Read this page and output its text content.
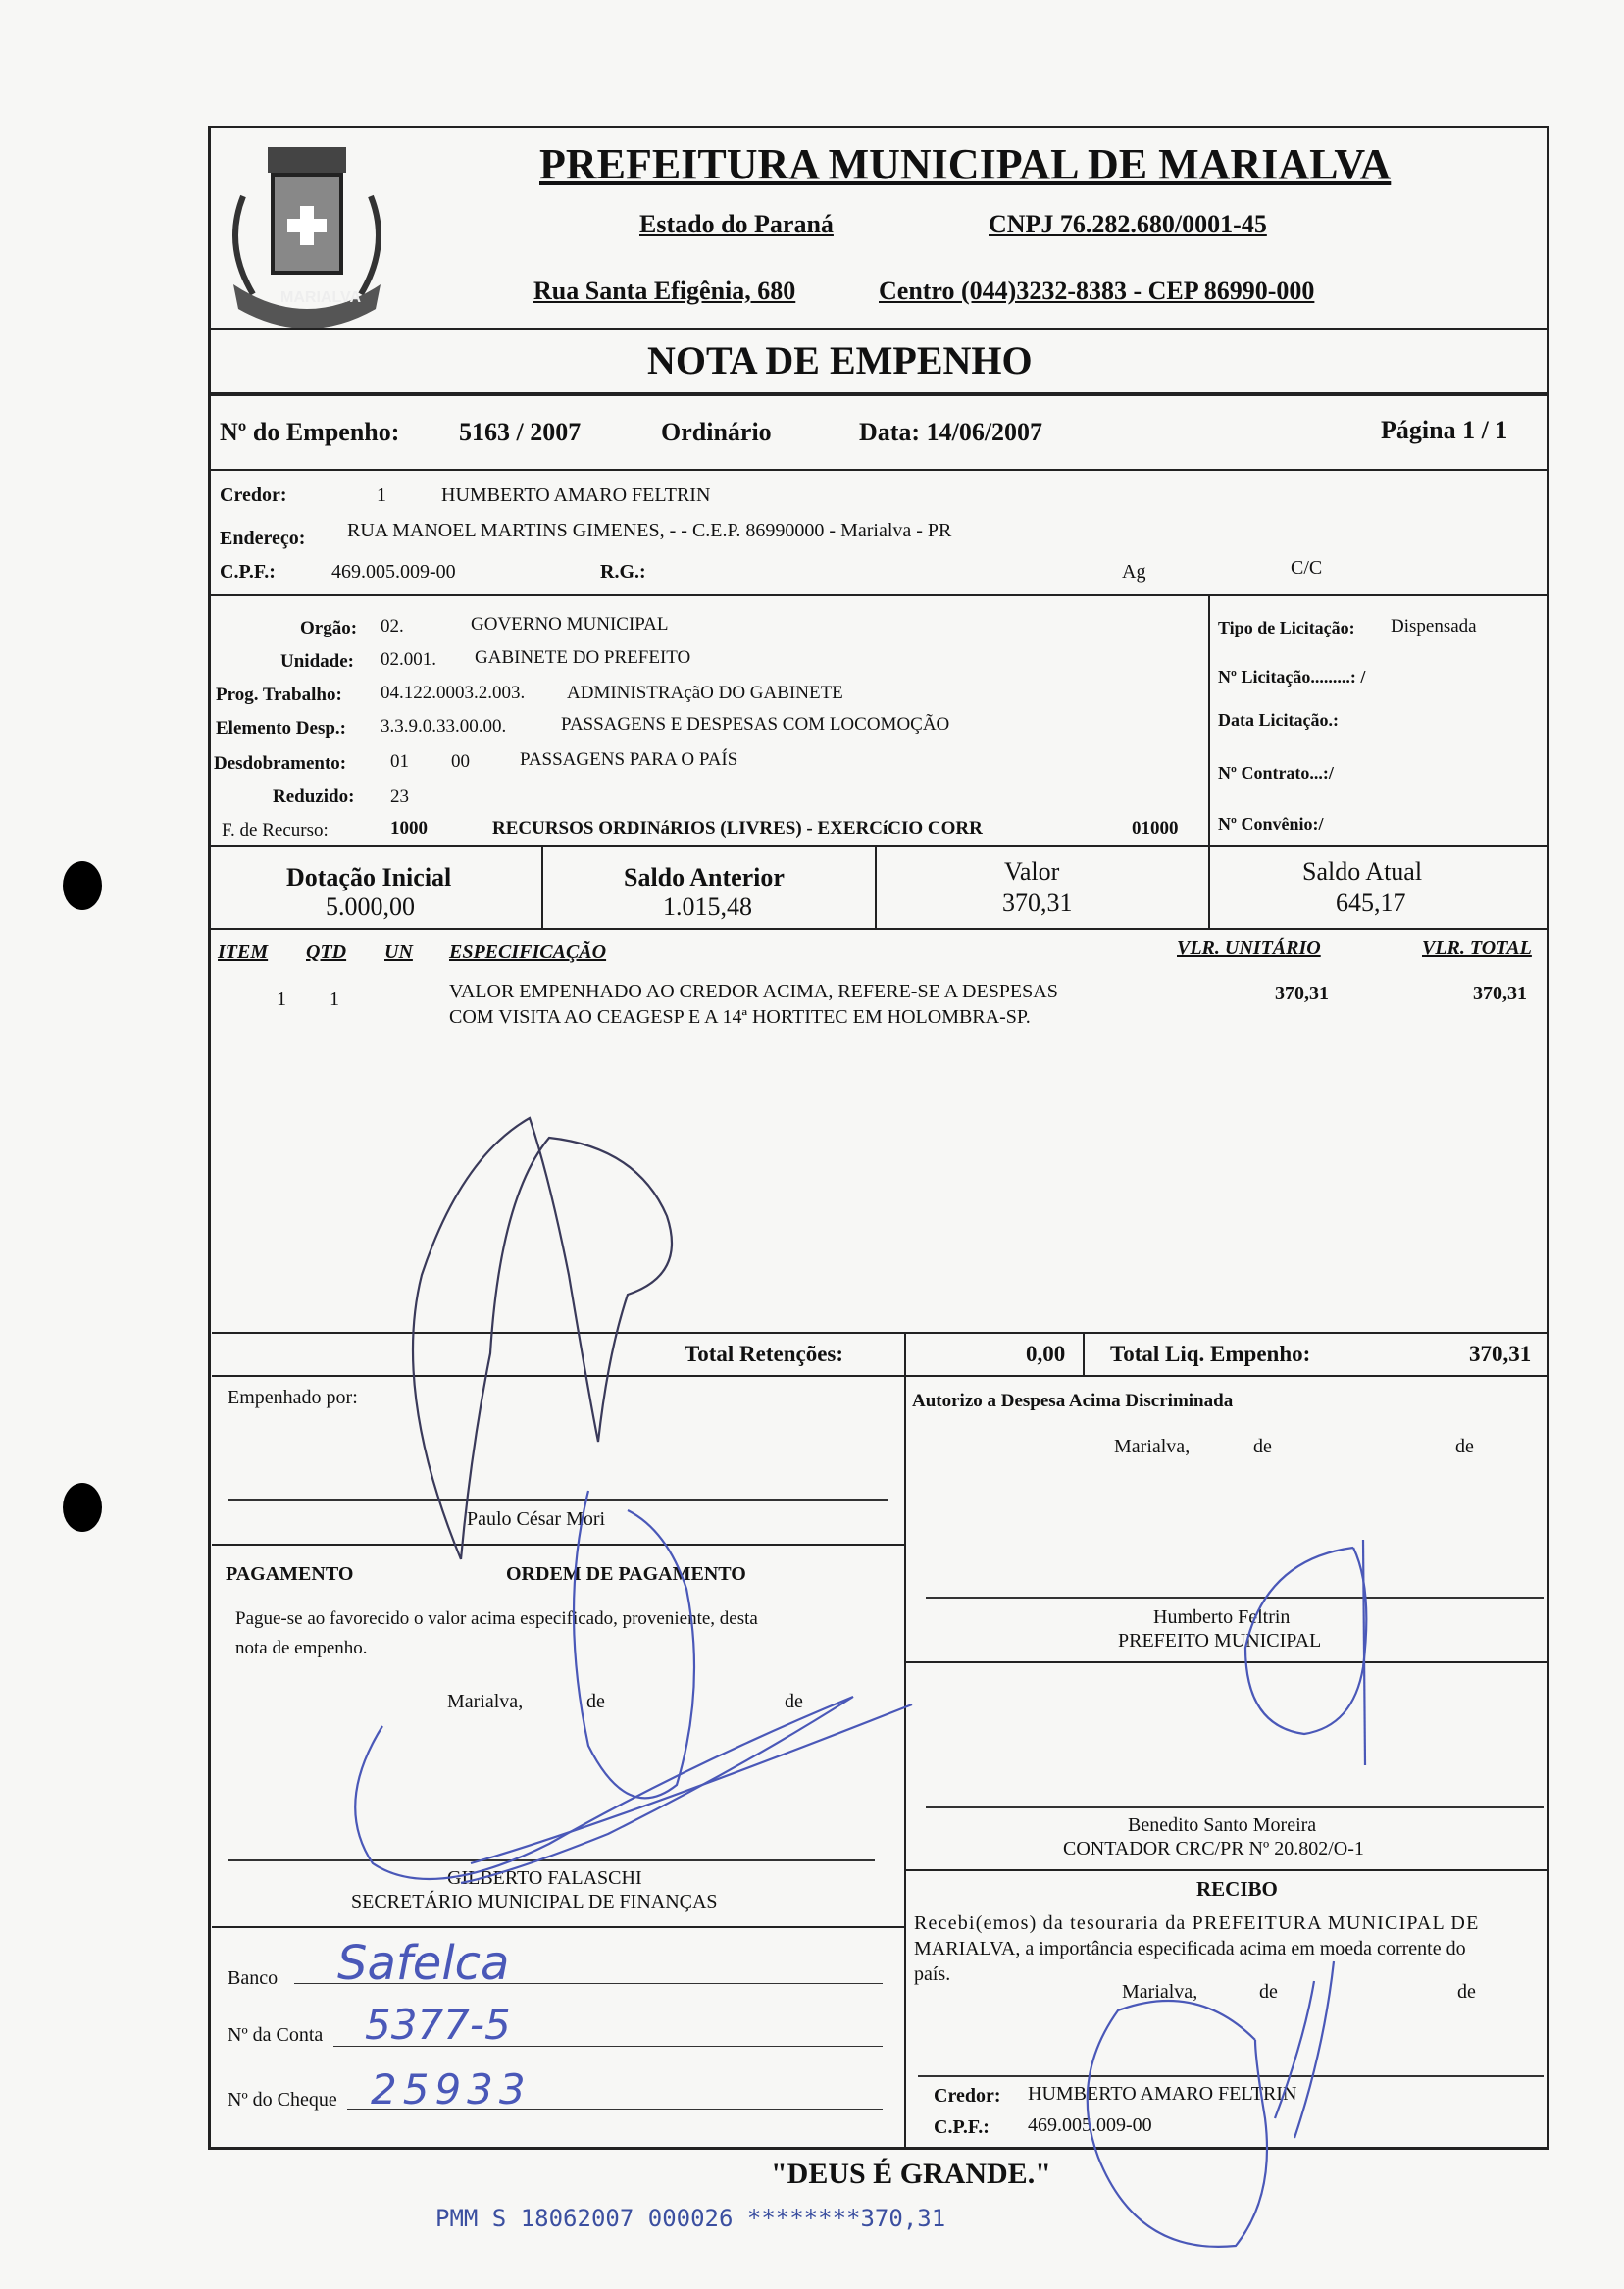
MARIALVA
PREFEITURA MUNICIPAL DE MARIALVA
Estado do Paraná	CNPJ 76.282.680/0001-45
Rua Santa Efigênia, 680	Centro (044)3232-8383 - CEP 86990-000
NOTA DE EMPENHO
Nº do Empenho: 5163 / 2007	Ordinário	Data: 14/06/2007	Página 1 / 1
Credor:	1	HUMBERTO AMARO FELTRIN
Endereço: RUA MANOEL MARTINS GIMENES, - - C.E.P. 86990000 - Marialva - PR
C.P.F.:	469.005.009-00	R.G.:	Ag	C/C
Orgão: 02.	GOVERNO MUNICIPAL
Unidade: 02.001. GABINETE DO PREFEITO
Prog. Trabalho: 04.122.0003.2.003. ADMINISTRAçãO DO GABINETE
Elemento Desp.: 3.3.9.0.33.00.00.	PASSAGENS E DESPESAS COM LOCOMOÇÃO
Desdobramento: 01 00	PASSAGENS PARA O PAÍS
Reduzido: 23
F. de Recurso:	1000	RECURSOS ORDINáRIOS (LIVRES) - EXERCíCIO CORR	01000
Tipo de Licitação: Dispensada
Nº Licitação.........: /
Data Licitação.:
Nº Contrato...:/
Nº Convênio:/
Dotação Inicial
5.000,00
Saldo Anterior
1.015,48
Valor
370,31
Saldo Atual
645,17
ITEM QTD UN ESPECIFICAÇÃO	VLR. UNITÁRIO	VLR. TOTAL
1 1	VALOR EMPENHADO AO CREDOR ACIMA, REFERE-SE A DESPESAS
COM VISITA AO CEAGESP E A 14ª HORTITEC EM HOLOMBRA-SP.
370,31	370,31
Total Retenções:	0,00 Total Liq. Empenho:	370,31
Empenhado por:
Paulo César Mori
Autorizo a Despesa Acima Discriminada
Marialva,	de	de
Humberto Feltrin
PREFEITO MUNICIPAL
PAGAMENTO	ORDEM DE PAGAMENTO
Pague-se ao favorecido o valor acima especificado, proveniente, desta
nota de empenho.
Marialva,	de	de
GILBERTO FALASCHI
SECRETÁRIO MUNICIPAL DE FINANÇAS
Benedito Santo Moreira
CONTADOR CRC/PR Nº 20.802/O-1
RECIBO
Recebi(emos) da tesouraria da PREFEITURA MUNICIPAL DE
MARIALVA, a importância especificada acima em moeda corrente do
país.
Marialva,	de	de
Credor: HUMBERTO AMARO FELTRIN
C.P.F.: 469.005.009-00
Banco Safelca
Nº da Conta 5377-5
Nº do Cheque 25933
"DEUS É GRANDE."
PMM S 18062007 000026 ********370,31
